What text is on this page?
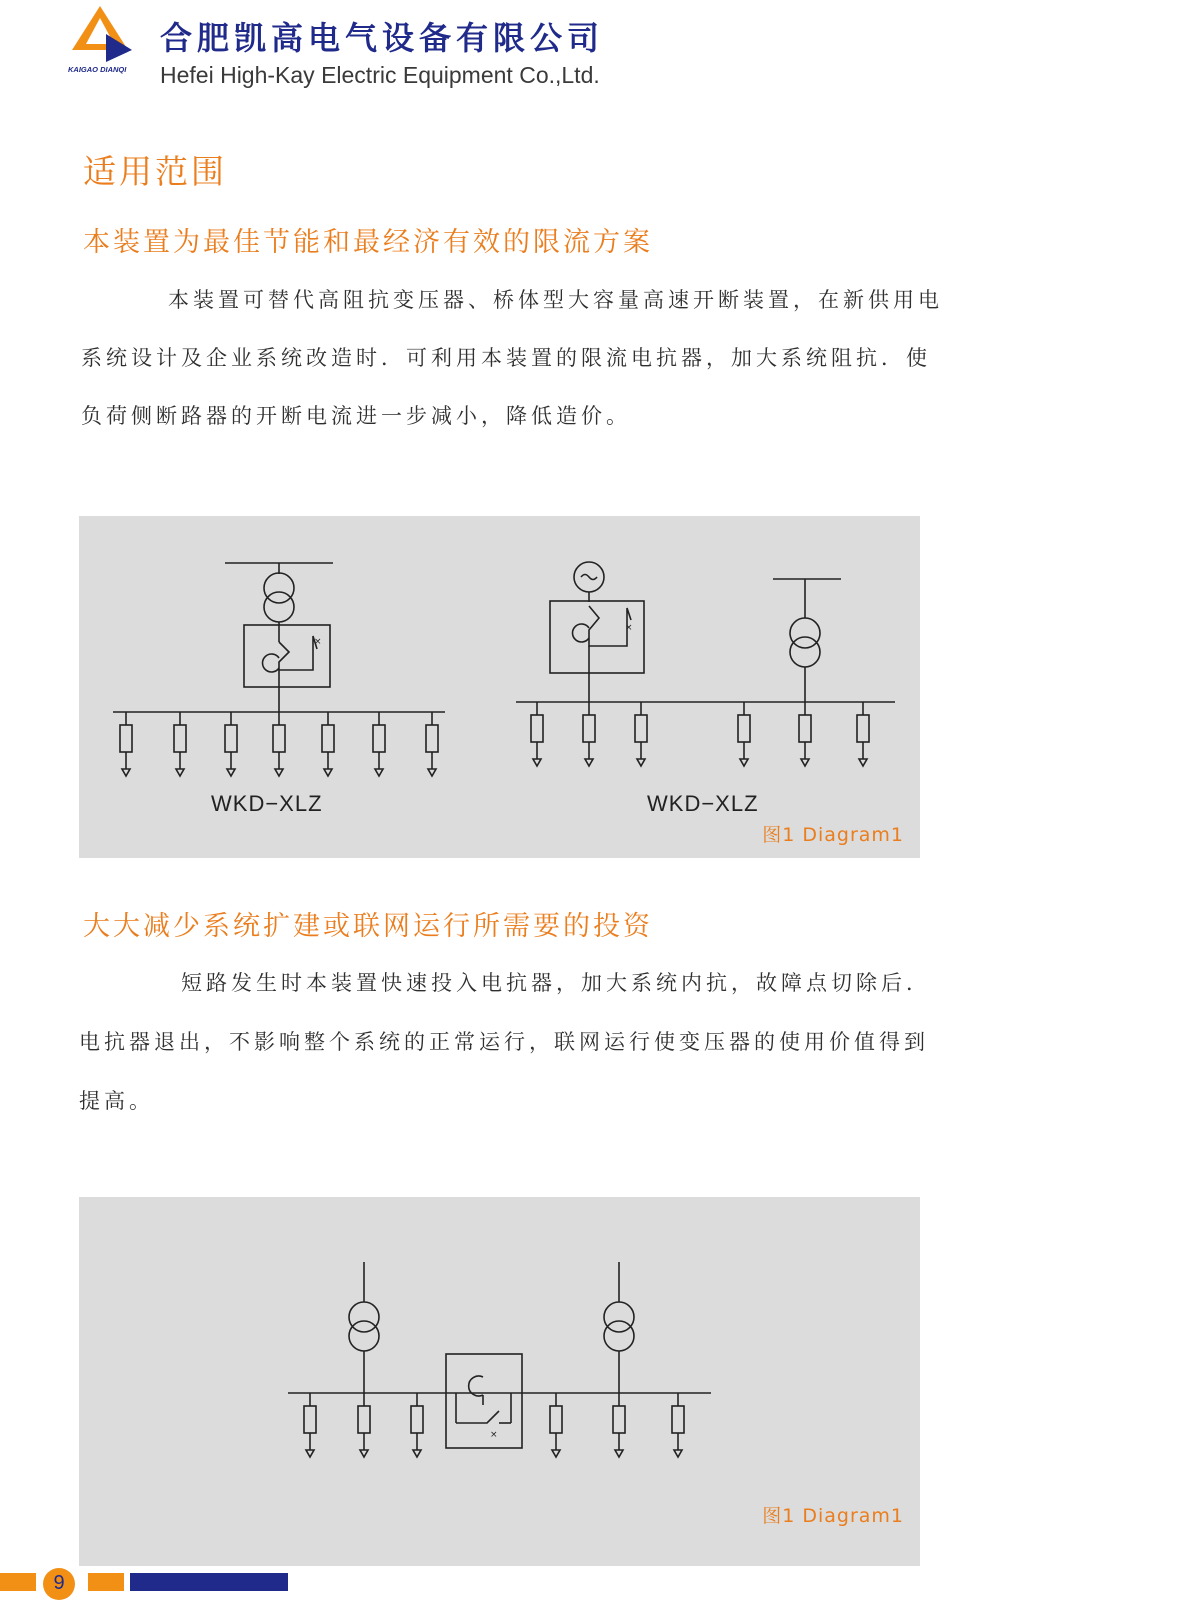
KAIGAO DIANQI
合肥凯高电气设备有限公司

Hefei High-Kay Electric Equipment Co.,Ltd.

适用范围
本装置为最佳节能和最经济有效的限流方案

本装置可替代高阻抗变压器、桥体型大容量高速开断装置，在新供用电

系统设计及企业系统改造时．可利用本装置的限流电抗器，加大系统阻抗．使

负荷侧断路器的开断电流进一步减小，降低造价。

×
×
WKD−XLZ	WKD−XLZ
图1 Diagram1
大大减少系统扩建或联网运行所需要的投资

短路发生时本装置快速投入电抗器，加大系统内抗，故障点切除后．

电抗器退出，不影响整个系统的正常运行，联网运行使变压器的使用价值得到

提高。

×
图1 Diagram1
9
